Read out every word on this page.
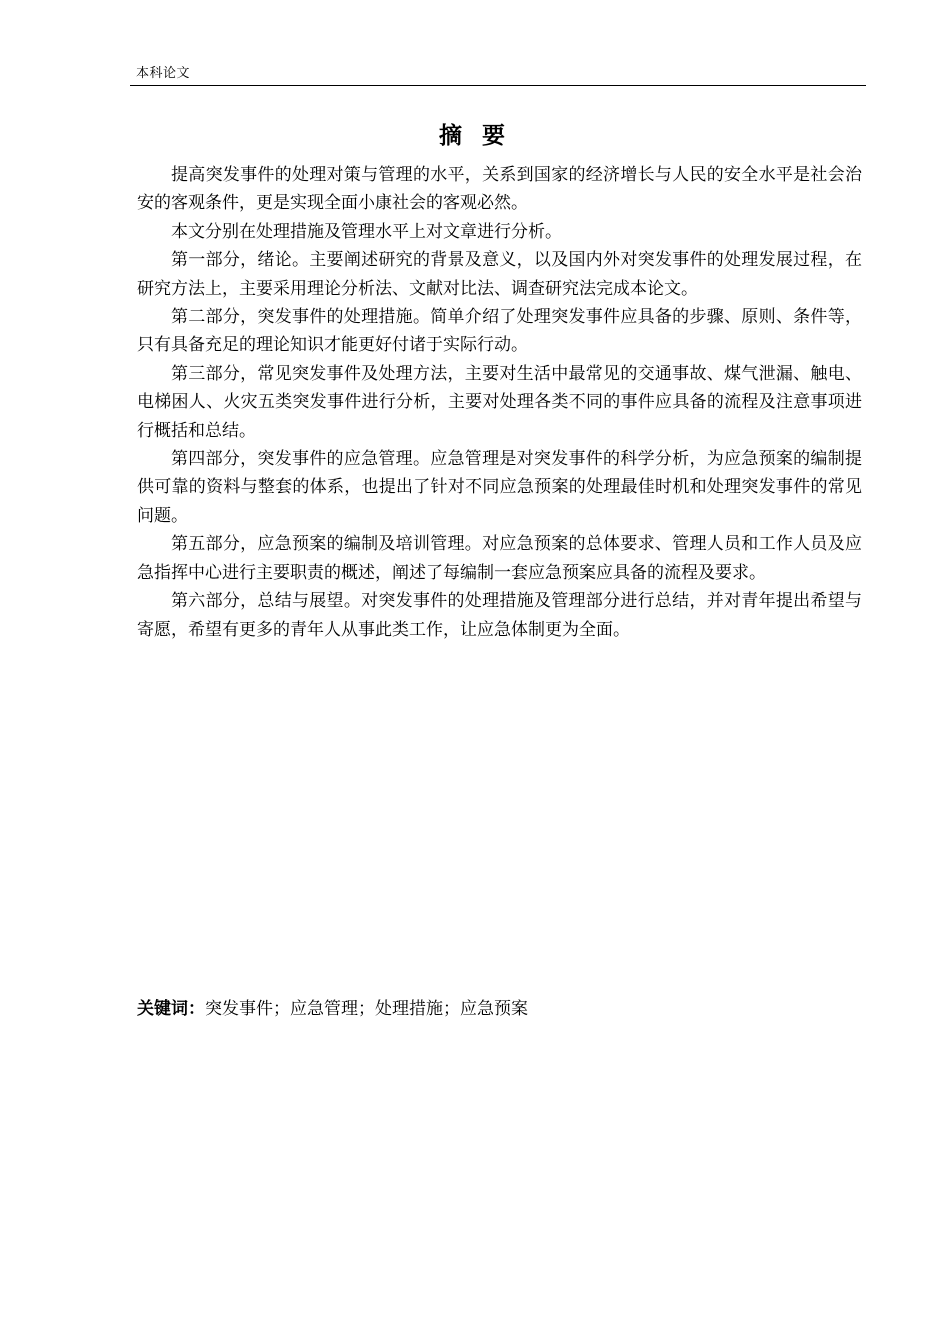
本科论文
摘 要

提高突发事件的处理对策与管理的水平，关系到国家的经济增长与人民的安全水平是社会治安的客观条件，更是实现全面小康社会的客观必然。

本文分别在处理措施及管理水平上对文章进行分析。

第一部分，绪论。主要阐述研究的背景及意义，以及国内外对突发事件的处理发展过程，在研究方法上，主要采用理论分析法、文献对比法、调查研究法完成本论文。

第二部分，突发事件的处理措施。简单介绍了处理突发事件应具备的步骤、原则、条件等，只有具备充足的理论知识才能更好付诸于实际行动。

第三部分，常见突发事件及处理方法，主要对生活中最常见的交通事故、煤气泄漏、触电、电梯困人、火灾五类突发事件进行分析，主要对处理各类不同的事件应具备的流程及注意事项进行概括和总结。

第四部分，突发事件的应急管理。应急管理是对突发事件的科学分析，为应急预案的编制提供可靠的资料与整套的体系，也提出了针对不同应急预案的处理最佳时机和处理突发事件的常见问题。

第五部分，应急预案的编制及培训管理。对应急预案的总体要求、管理人员和工作人员及应急指挥中心进行主要职责的概述，阐述了每编制一套应急预案应具备的流程及要求。

第六部分，总结与展望。对突发事件的处理措施及管理部分进行总结，并对青年提出希望与寄愿，希望有更多的青年人从事此类工作，让应急体制更为全面。

关键词：突发事件；应急管理；处理措施；应急预案
